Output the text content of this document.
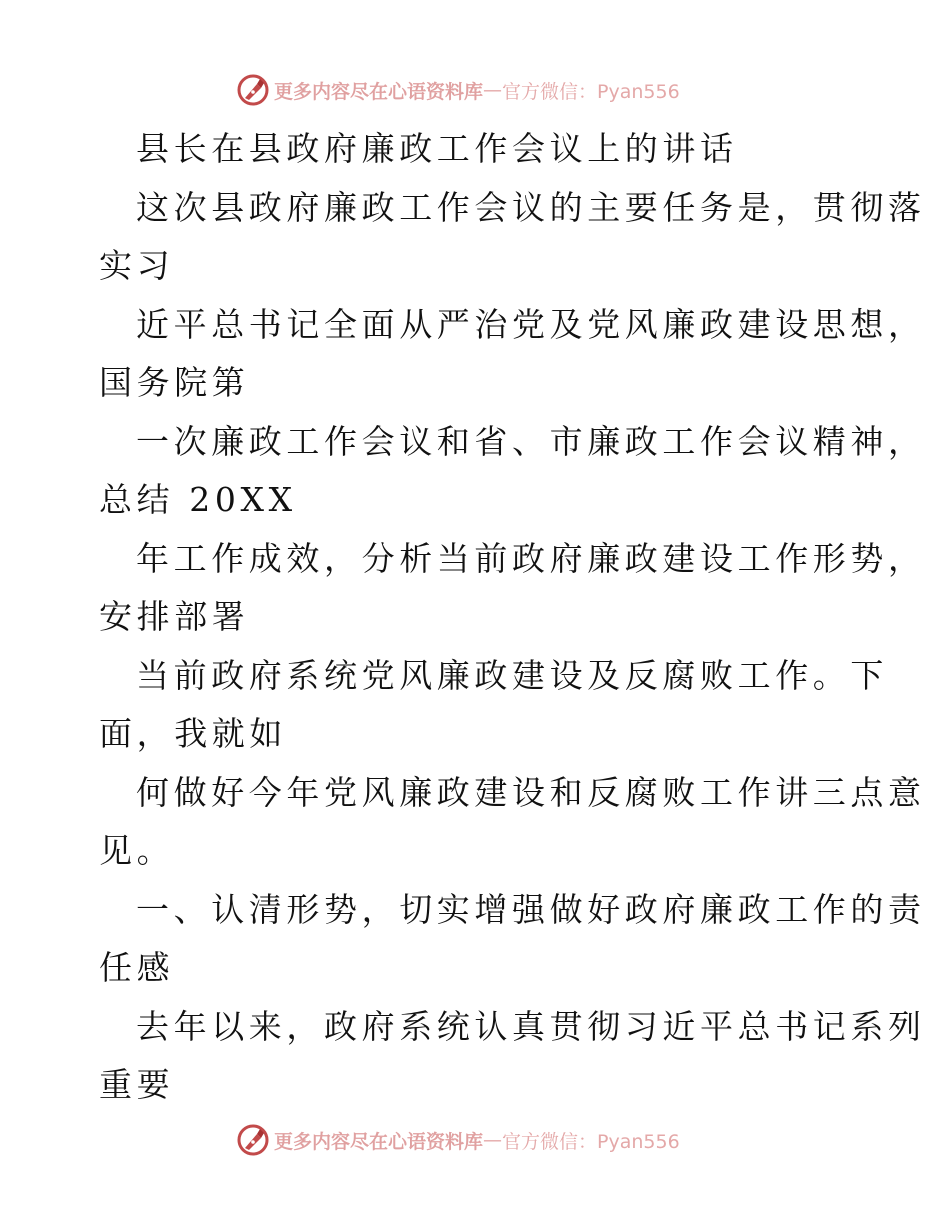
更多内容尽在心语资料库 — 官方微信：Pyan556
县长在县政府廉政工作会议上的讲话
这次县政府廉政工作会议的主要任务是，贯彻落
实习
近平总书记全面从严治党及党风廉政建设思想，
国务院第
一次廉政工作会议和省、市廉政工作会议精神，
总结 20XX
年工作成效，分析当前政府廉政建设工作形势，
安排部署
当前政府系统党风廉政建设及反腐败工作。下
面，我就如
何做好今年党风廉政建设和反腐败工作讲三点意
见。
一、认清形势，切实增强做好政府廉政工作的责
任感
去年以来，政府系统认真贯彻习近平总书记系列
重要
更多内容尽在心语资料库 — 官方微信：Pyan556
